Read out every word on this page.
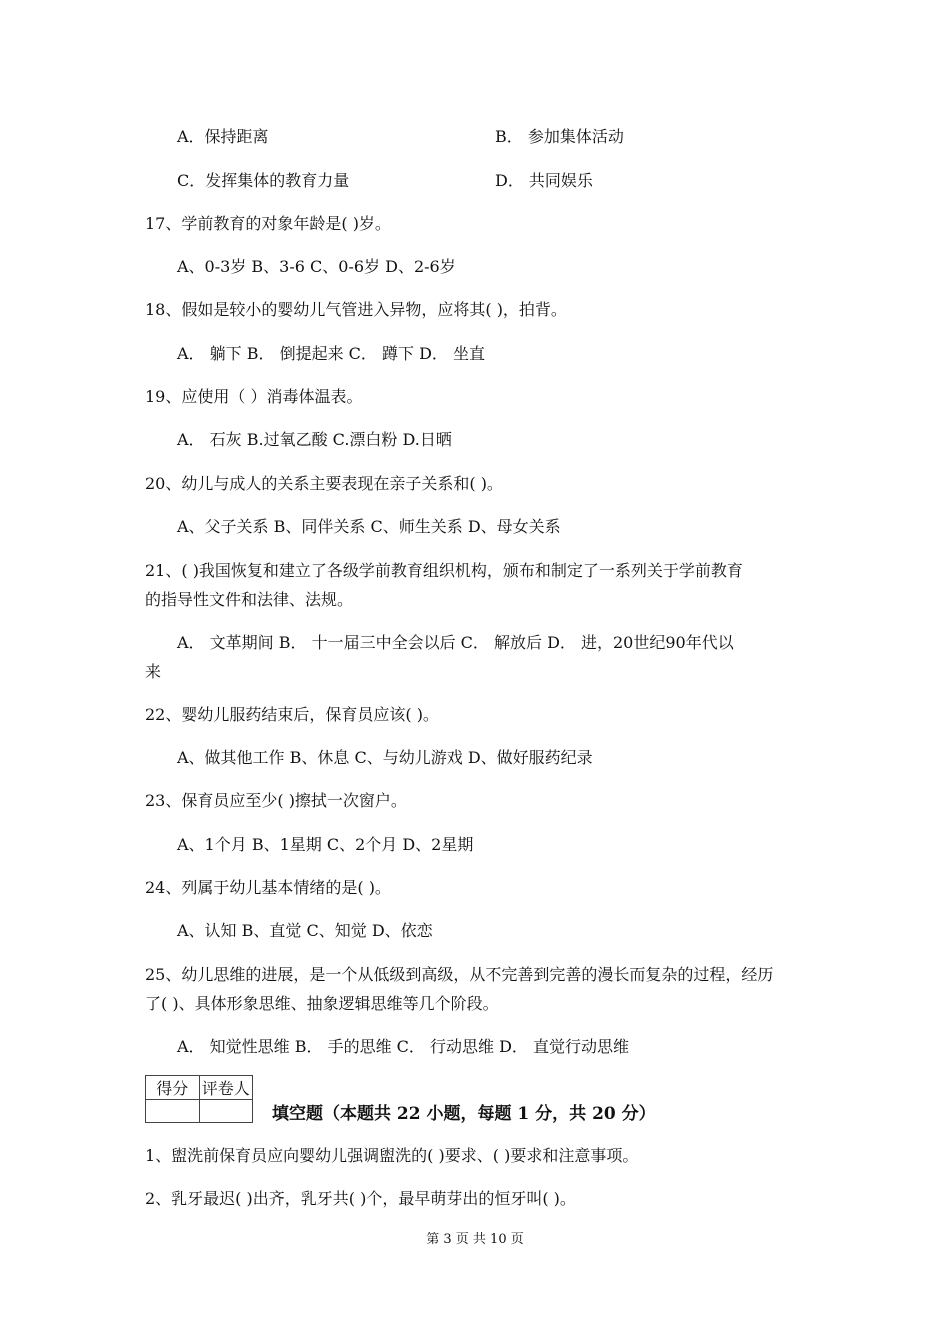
A．保持距离	B． 参加集体活动
C．发挥集体的教育力量	D． 共同娱乐
17、学前教育的对象年龄是( )岁。
A、0-3岁 B、3-6 C、0-6岁 D、2-6岁
18、假如是较小的婴幼儿气管进入异物，应将其( )，拍背。
A． 躺下 B． 倒提起来 C． 蹲下 D． 坐直
19、应使用（ ）消毒体温表。
A． 石灰 B.过氧乙酸 C.漂白粉 D.日晒
20、幼儿与成人的关系主要表现在亲子关系和( )。
A、父子关系 B、同伴关系 C、师生关系 D、母女关系
21、( )我国恢复和建立了各级学前教育组织机构，颁布和制定了一系列关于学前教育
的指导性文件和法律、法规。
A． 文革期间 B． 十一届三中全会以后 C． 解放后 D． 进，20世纪90年代以
来
22、婴幼儿服药结束后，保育员应该( )。
A、做其他工作 B、休息 C、与幼儿游戏 D、做好服药纪录
23、保育员应至少( )擦拭一次窗户。
A、1个月 B、1星期 C、2个月 D、2星期
24、列属于幼儿基本情绪的是( )。
A、认知 B、直觉 C、知觉 D、依恋
25、幼儿思维的进展，是一个从低级到高级，从不完善到完善的漫长而复杂的过程，经历
了( )、具体形象思维、抽象逻辑思维等几个阶段。
A． 知觉性思维 B． 手的思维 C． 行动思维 D． 直觉行动思维
得分	评卷人

填空题（本题共 22 小题，每题 1 分，共 20 分）
1、盥洗前保育员应向婴幼儿强调盥洗的( )要求、( )要求和注意事项。
2、乳牙最迟( )出齐，乳牙共( )个，最早萌芽出的恒牙叫( )。
第 3 页 共 10 页
